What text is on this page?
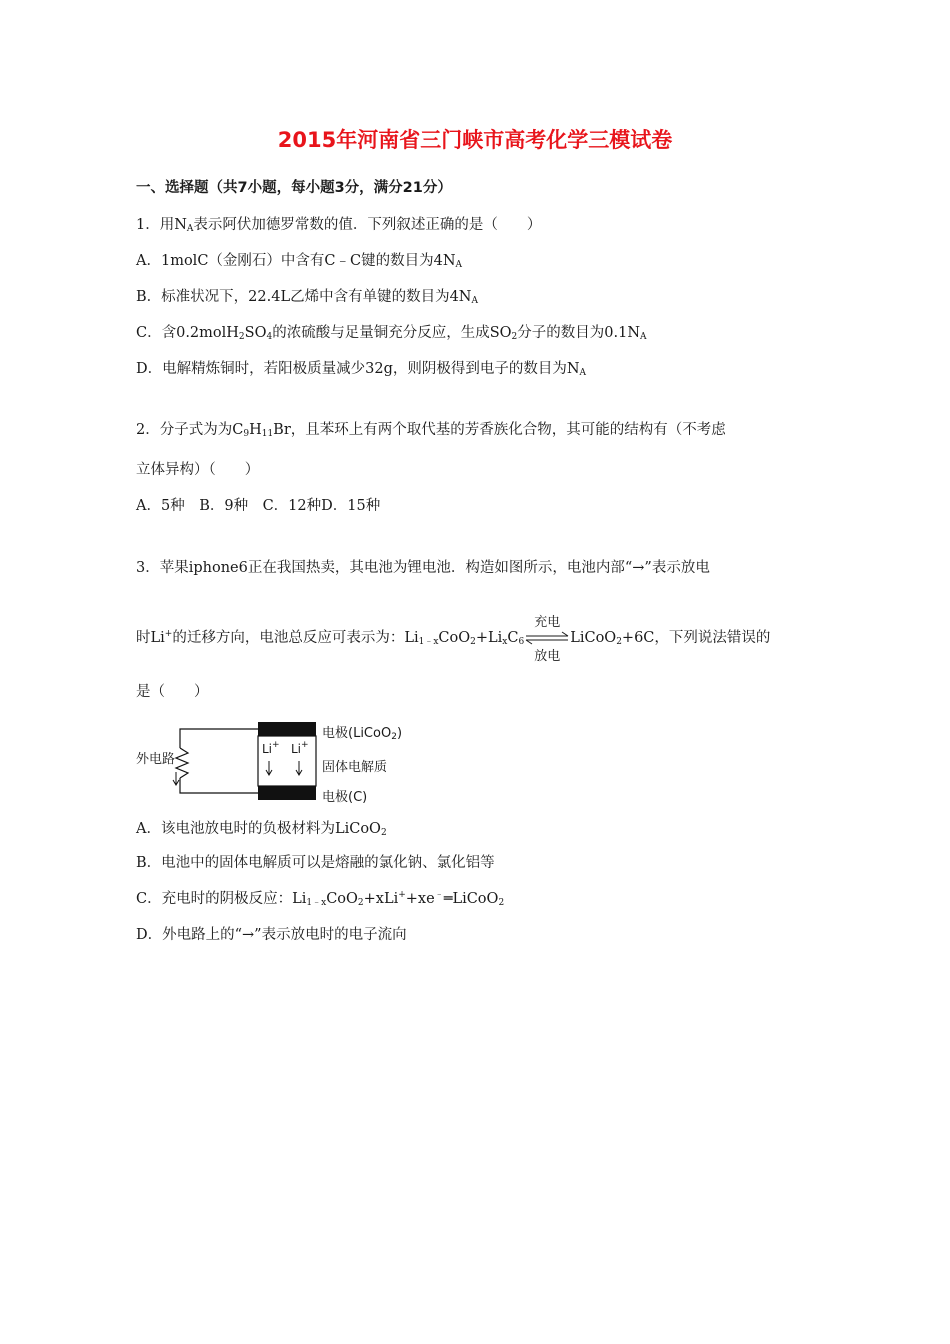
2015年河南省三门峡市高考化学三模试卷
一、选择题（共7小题，每小题3分，满分21分）
1．用$N_A$表示阿伏加德罗常数的值．下列叙述正确的是（　　）
A．1molC（金刚石）中含有C﹣C键的数目为$4N_A$
B．标准状况下，22.4L乙烯中含有单键的数目为$4N_A$
C．含$0.2molH_2SO_4$的浓硫酸与足量铜充分反应，生成$SO_2$分子的数目为$0.1N_A$
D．电解精炼铜时，若阳极质量减少32g，则阴极得到电子的数目为$N_A$
2．分子式为为$C_9H_{11}Br$，且苯环上有两个取代基的芳香族化合物，其可能的结构有（不考虑
立体异构）（　　）
A．5种　B．9种　C．12种D．15种
3．苹果iphone6正在我国热卖，其电池为锂电池．构造如图所示，电池内部“→”表示放电
时Li+的迁移方向，电池总反应可表示为：$Li_{1﹣x}CoO_2+Li_xC_6$
充电
放电
LiCoO$_2$+6C，下列说法错误的
是（　　）
外电路
电极(LiCoO$_2$)
固体电解质
电极(C)
Li+ Li+
A．该电池放电时的负极材料为LiCoO$_2$
B．电池中的固体电解质可以是熔融的氯化钠、氯化铝等
C．充电时的阴极反应：$Li_{1﹣x}CoO_2+xLi^++xe^﹣═LiCoO_2$
D．外电路上的“→”表示放电时的电子流向
